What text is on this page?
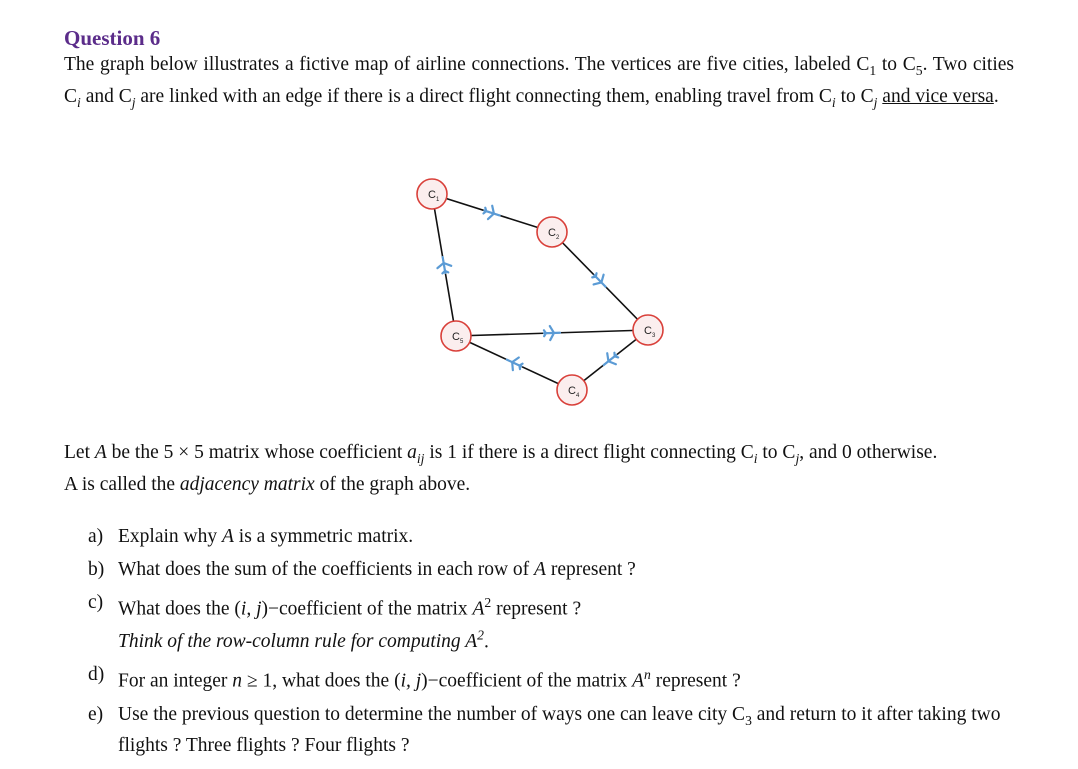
Question 6
The graph below illustrates a fictive map of airline connections. The vertices are five cities, labeled $C_1$ to $C_5$. Two cities $C_i$ and $C_j$ are linked with an edge if there is a direct flight connecting them, enabling travel from $C_i$ to $C_j$ and vice versa.
$C_1$
$C_2$
$C_3$
$C_4$
$C_5$
Let A be the 5 × 5 matrix whose coefficient $a_{ij}$ is 1 if there is a direct flight connecting $C_i$ to $C_j$, and 0 otherwise.
A is called the adjacency matrix of the graph above.
a) Explain why A is a symmetric matrix.
b) What does the sum of the coefficients in each row of A represent ?
c) What does the (i, j)−coefficient of the matrix $A^2$ represent ?
Think of the row-column rule for computing $A^2$.
d) For an integer n ≥ 1, what does the (i, j)−coefficient of the matrix $A^n$ represent ?
e) Use the previous question to determine the number of ways one can leave city $C_3$ and return to it after taking two flights ? Three flights ? Four flights ?
